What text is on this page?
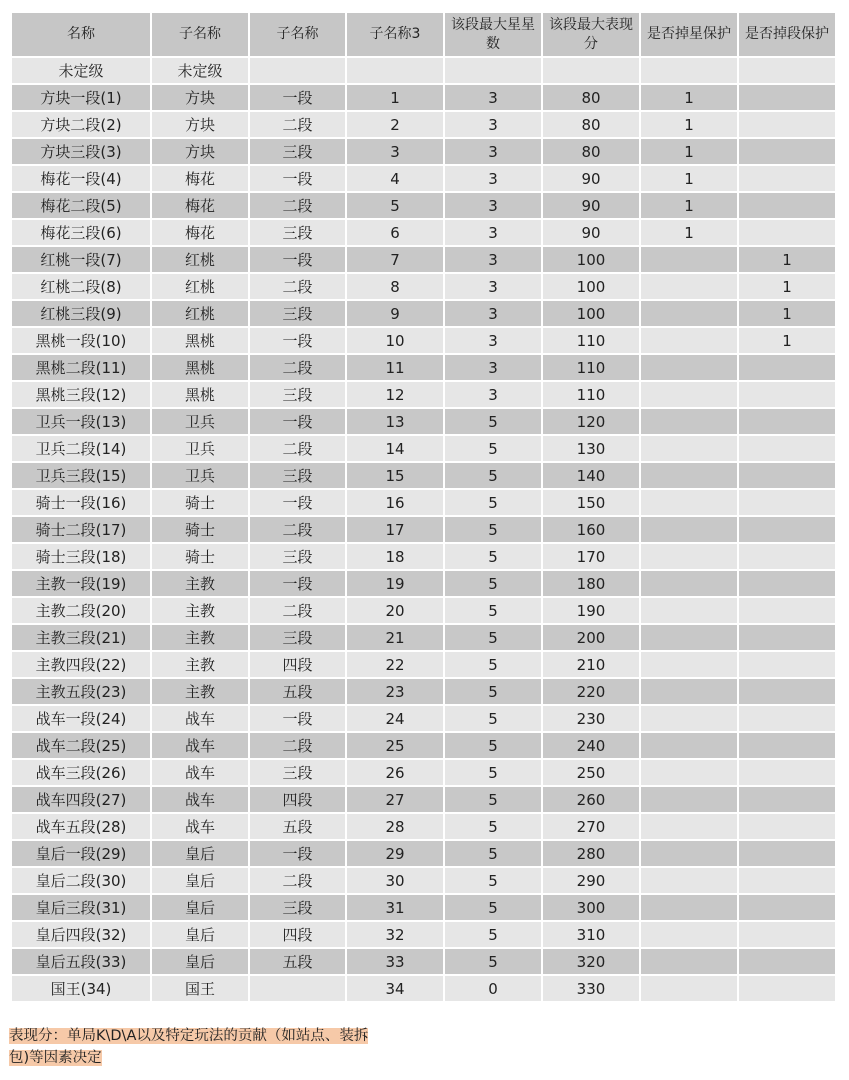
名称	子名称	子名称	子名称3	该段最大星星数	该段最大表现分	是否掉星保护	是否掉段保护
未定级	未定级						
方块一段(1)	方块	一段	1	3	80	1	
方块二段(2)	方块	二段	2	3	80	1	
方块三段(3)	方块	三段	3	3	80	1	
梅花一段(4)	梅花	一段	4	3	90	1	
梅花二段(5)	梅花	二段	5	3	90	1	
梅花三段(6)	梅花	三段	6	3	90	1	
红桃一段(7)	红桃	一段	7	3	100		1
红桃二段(8)	红桃	二段	8	3	100		1
红桃三段(9)	红桃	三段	9	3	100		1
黑桃一段(10)	黑桃	一段	10	3	110		1
黑桃二段(11)	黑桃	二段	11	3	110		
黑桃三段(12)	黑桃	三段	12	3	110		
卫兵一段(13)	卫兵	一段	13	5	120		
卫兵二段(14)	卫兵	二段	14	5	130		
卫兵三段(15)	卫兵	三段	15	5	140		
骑士一段(16)	骑士	一段	16	5	150		
骑士二段(17)	骑士	二段	17	5	160		
骑士三段(18)	骑士	三段	18	5	170		
主教一段(19)	主教	一段	19	5	180		
主教二段(20)	主教	二段	20	5	190		
主教三段(21)	主教	三段	21	5	200		
主教四段(22)	主教	四段	22	5	210		
主教五段(23)	主教	五段	23	5	220		
战车一段(24)	战车	一段	24	5	230		
战车二段(25)	战车	二段	25	5	240		
战车三段(26)	战车	三段	26	5	250		
战车四段(27)	战车	四段	27	5	260		
战车五段(28)	战车	五段	28	5	270		
皇后一段(29)	皇后	一段	29	5	280		
皇后二段(30)	皇后	二段	30	5	290		
皇后三段(31)	皇后	三段	31	5	300		
皇后四段(32)	皇后	四段	32	5	310		
皇后五段(33)	皇后	五段	33	5	320		
国王(34)	国王		34	0	330		
表现分：单局K\D\A以及特定玩法的贡献（如站点、装拆包)等因素决定
